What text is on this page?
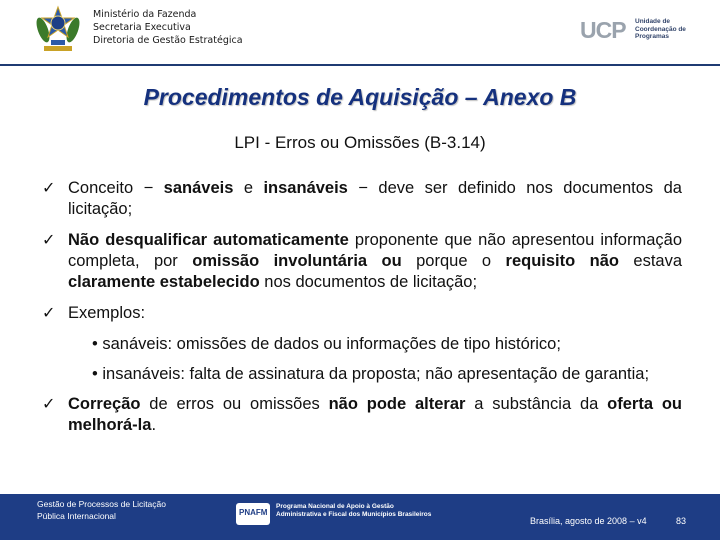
Ministério da Fazenda
Secretaria Executiva
Diretoria de Gestão Estratégica	UCP Unidade de
Coordenação de
Programas
Procedimentos de Aquisição – Anexo B
LPI - Erros ou Omissões (B-3.14)
✓ Conceito − sanáveis e insanáveis − deve ser definido nos documentos da licitação;
✓ Não desqualificar automaticamente proponente que não apresentou informação completa, por omissão involuntária ou porque o requisito não estava claramente estabelecido nos documentos de licitação;
✓ Exemplos:
• sanáveis: omissões de dados ou informações de tipo histórico;
• insanáveis: falta de assinatura da proposta; não apresentação de garantia;
✓ Correção de erros ou omissões não pode alterar a substância da oferta ou melhorá-la.
Gestão de Processos de Licitação
Pública Internacional	PNAFM
Programa Nacional de Apoio à Gestão
Administrativa e Fiscal dos Municípios Brasileiros
Brasília, agosto de 2008 – v4	83
